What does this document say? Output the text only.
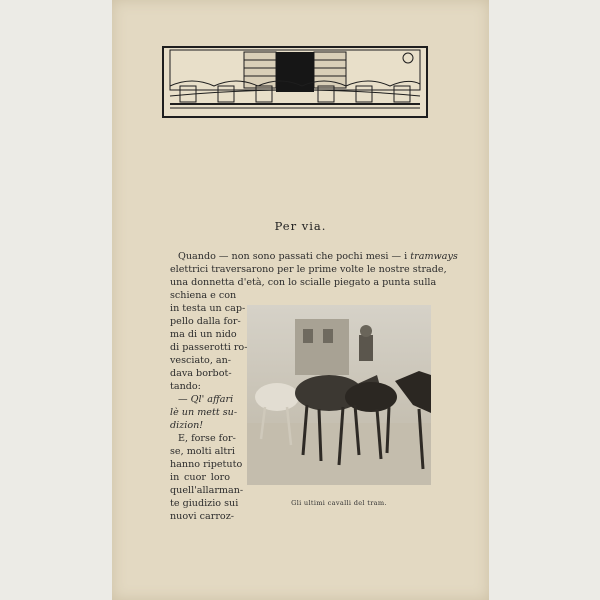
Per via.
Quando — non sono passati che pochi mesi — i tramways
elettrici traversarono per le prime volte le nostre strade,
una donnetta d'età, con lo scialle piegato a punta sulla
schiena e con
in testa un cap-
pello dalla for-
ma di un nido
di passerotti ro-
vesciato, an-
dava borbot-
tando:
— Ql' affari
lè un mett su-
dizion!
E, forse for-
se, molti altri
hanno ripetuto
in cuor loro
quell'allarman-
te giudizio sui
nuovi carroz-
Gli ultimi cavalli del tram.
